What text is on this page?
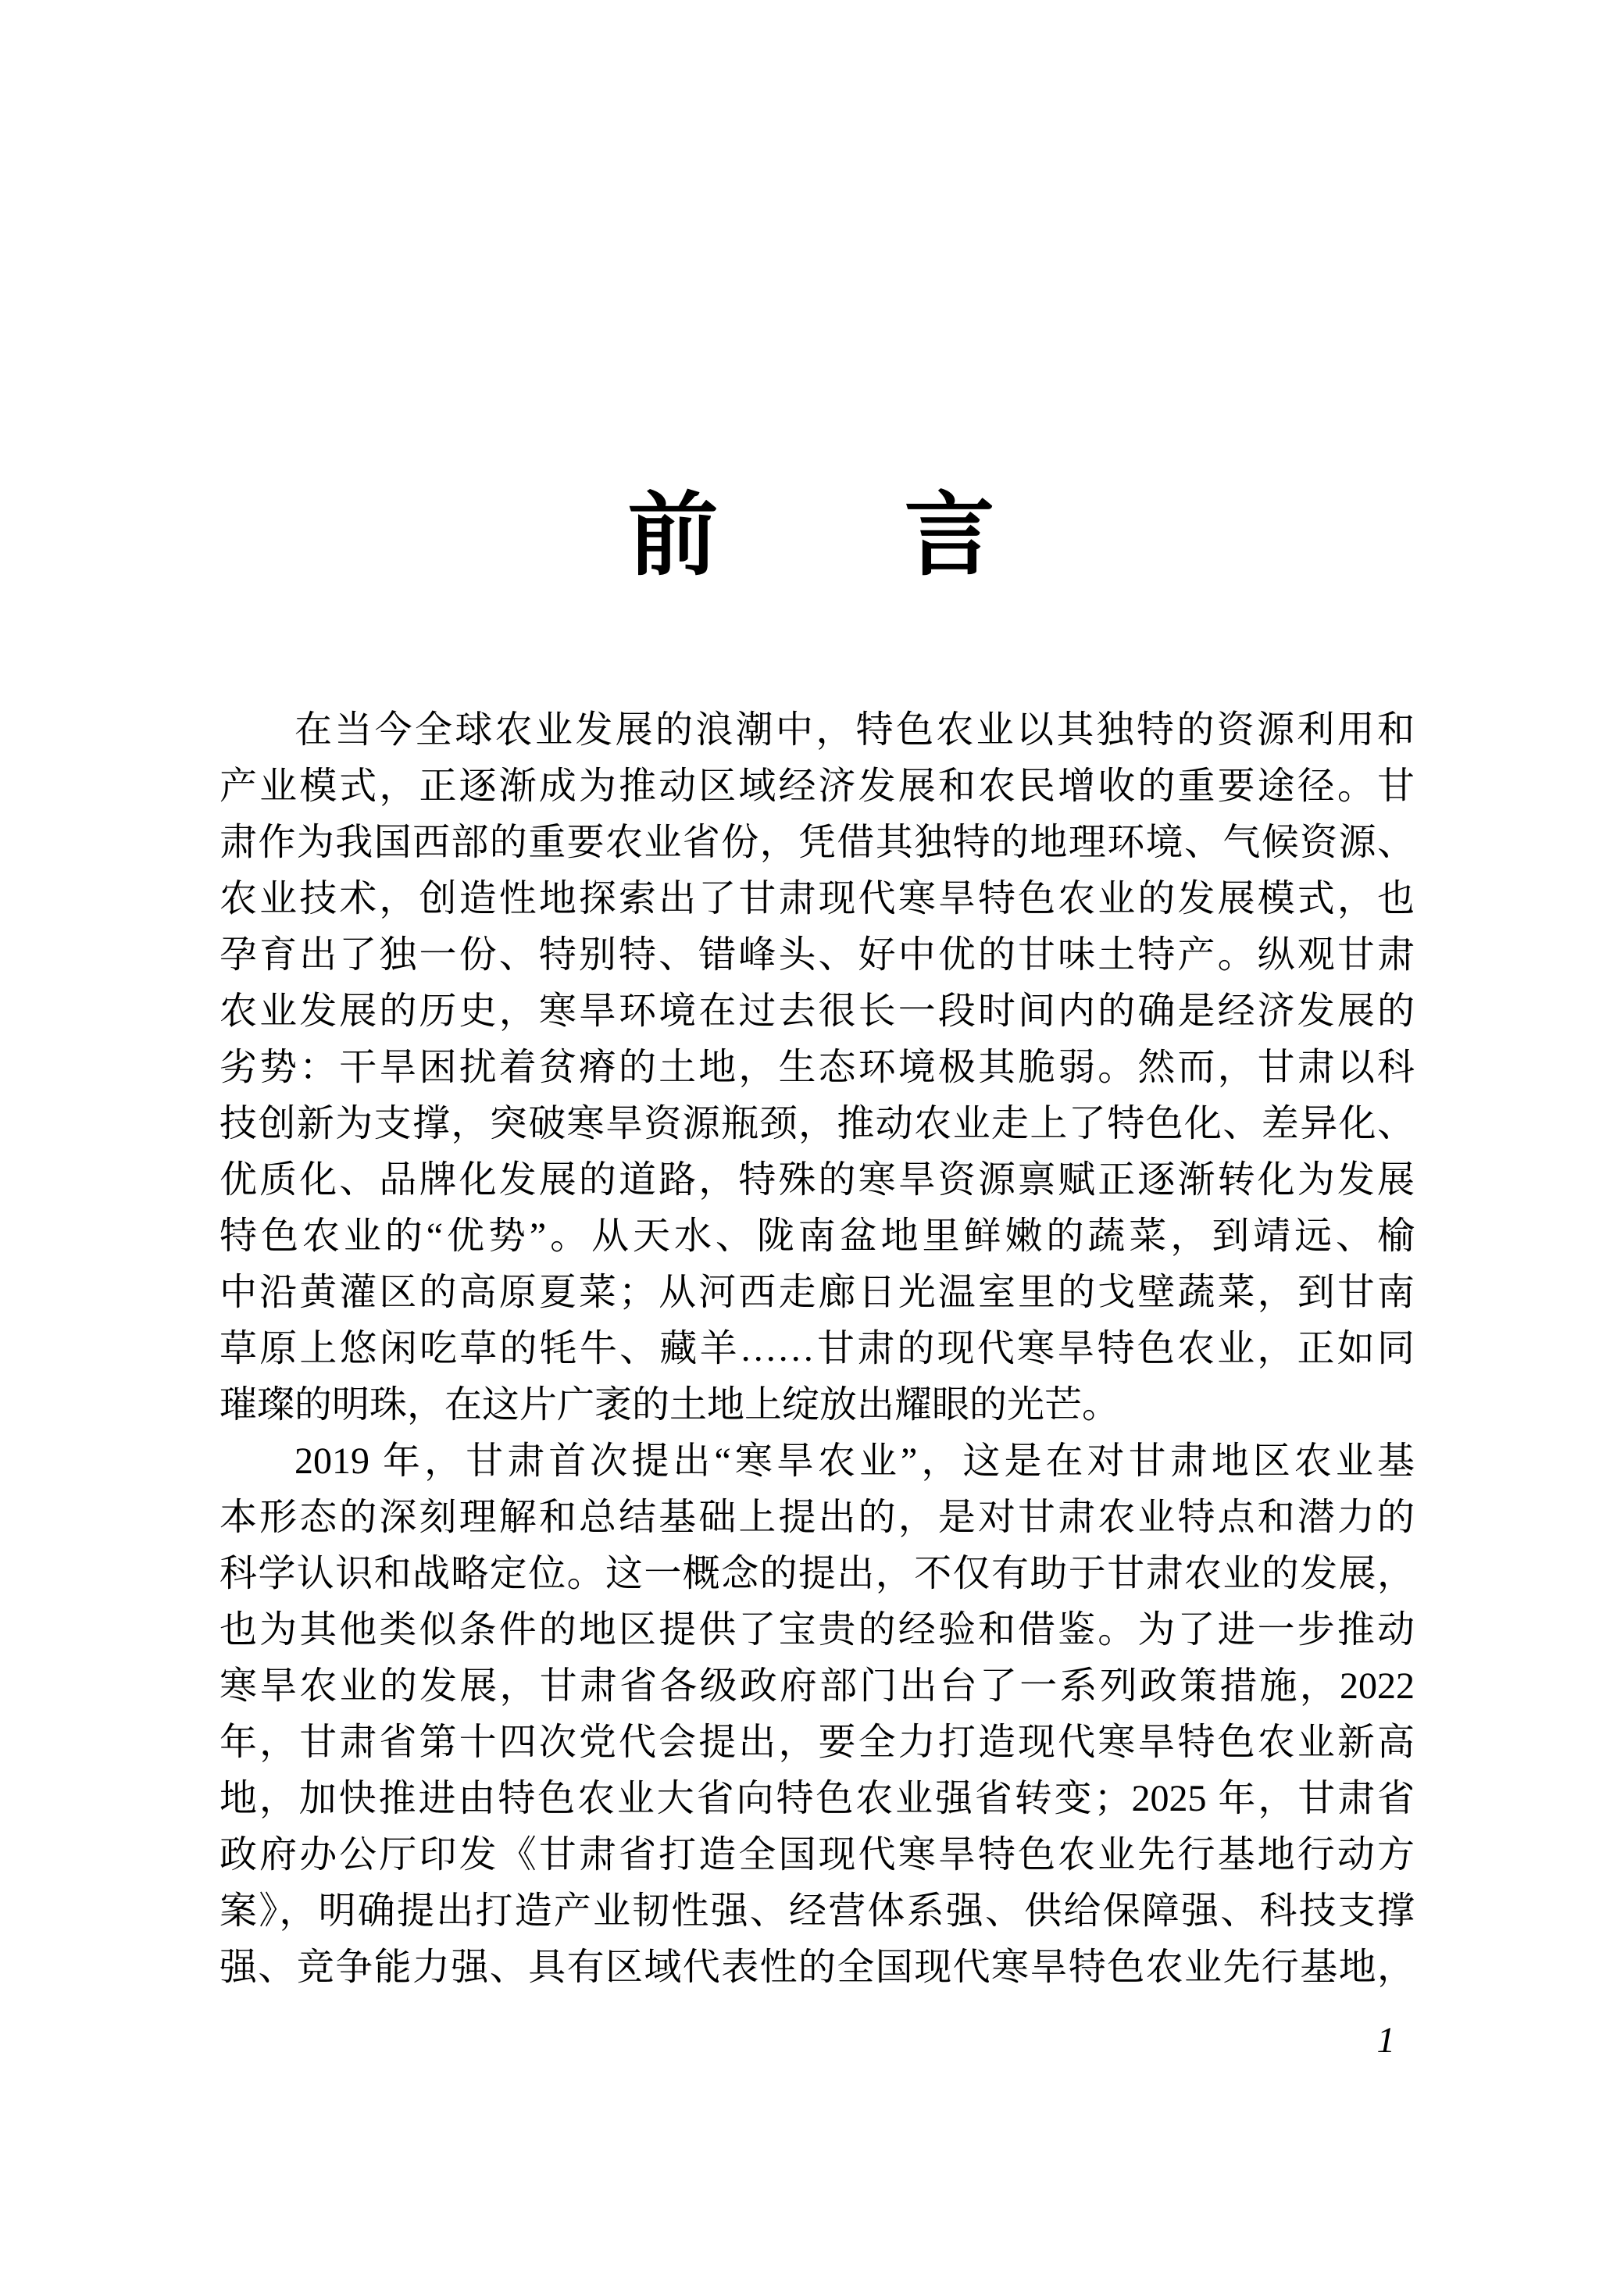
前　　言
在当今全球农业发展的浪潮中，特色农业以其独特的资源利用和
产业模式，正逐渐成为推动区域经济发展和农民增收的重要途径。甘
肃作为我国西部的重要农业省份，凭借其独特的地理环境、气候资源、
农业技术，创造性地探索出了甘肃现代寒旱特色农业的发展模式，也
孕育出了独一份、特别特、错峰头、好中优的甘味土特产。纵观甘肃
农业发展的历史，寒旱环境在过去很长一段时间内的确是经济发展的
劣势：干旱困扰着贫瘠的土地，生态环境极其脆弱。然而，甘肃以科
技创新为支撑，突破寒旱资源瓶颈，推动农业走上了特色化、差异化、
优质化、品牌化发展的道路，特殊的寒旱资源禀赋正逐渐转化为发展
特色农业的“优势”。从天水、陇南盆地里鲜嫩的蔬菜，到靖远、榆
中沿黄灌区的高原夏菜；从河西走廊日光温室里的戈壁蔬菜，到甘南
草原上悠闲吃草的牦牛、藏羊……甘肃的现代寒旱特色农业，正如同
璀璨的明珠，在这片广袤的土地上绽放出耀眼的光芒。
2019 年，甘肃首次提出“寒旱农业”，这是在对甘肃地区农业基
本形态的深刻理解和总结基础上提出的，是对甘肃农业特点和潜力的
科学认识和战略定位。这一概念的提出，不仅有助于甘肃农业的发展，
也为其他类似条件的地区提供了宝贵的经验和借鉴。为了进一步推动
寒旱农业的发展，甘肃省各级政府部门出台了一系列政策措施，2022
年，甘肃省第十四次党代会提出，要全力打造现代寒旱特色农业新高
地，加快推进由特色农业大省向特色农业强省转变；2025 年，甘肃省
政府办公厅印发《甘肃省打造全国现代寒旱特色农业先行基地行动方
案》，明确提出打造产业韧性强、经营体系强、供给保障强、科技支撑
强、竞争能力强、具有区域代表性的全国现代寒旱特色农业先行基地，
1
